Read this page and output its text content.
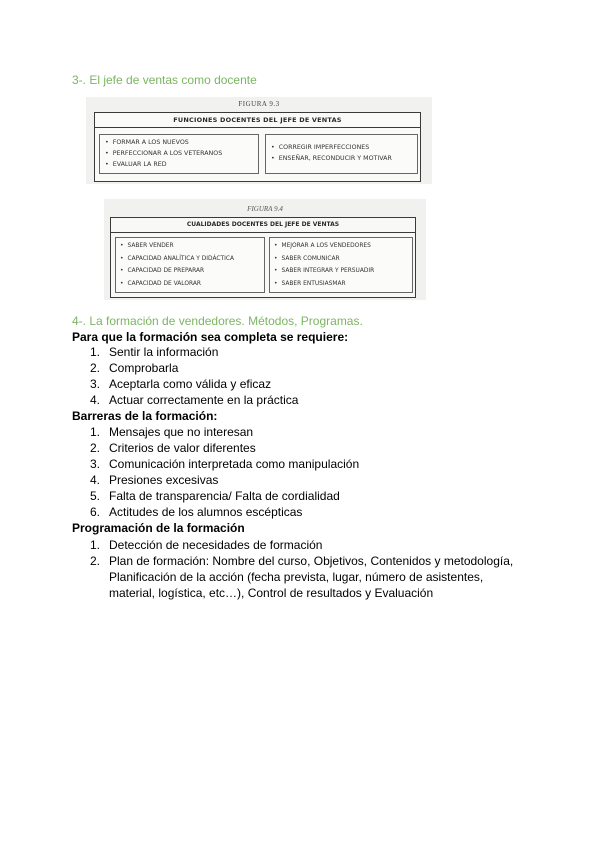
3-. El jefe de ventas como docente
FIGURA 9.3
FUNCIONES DOCENTES DEL JEFE DE VENTAS
• FORMAR A LOS NUEVOS
• PERFECCIONAR A LOS VETERANOS
• EVALUAR LA RED
• CORREGIR IMPERFECCIONES
• ENSEÑAR, RECONDUCIR Y MOTIVAR
FIGURA 9.4
CUALIDADES DOCENTES DEL JEFE DE VENTAS
• SABER VENDER
• CAPACIDAD ANALÍTICA Y DIDÁCTICA
• CAPACIDAD DE PREPARAR
• CAPACIDAD DE VALORAR
• MEJORAR A LOS VENDEDORES
• SABER COMUNICAR
• SABER INTEGRAR Y PERSUADIR
• SABER ENTUSIASMAR
4-. La formación de vendedores. Métodos, Programas.
Para que la formación sea completa se requiere:
1. Sentir la información
2. Comprobarla
3. Aceptarla como válida y eficaz
4. Actuar correctamente en la práctica
Barreras de la formación:
1. Mensajes que no interesan
2. Criterios de valor diferentes
3. Comunicación interpretada como manipulación
4. Presiones excesivas
5. Falta de transparencia/ Falta de cordialidad
6. Actitudes de los alumnos escépticas
Programación de la formación
1. Detección de necesidades de formación
2. Plan de formación: Nombre del curso, Objetivos, Contenidos y metodología, Planificación de la acción (fecha prevista, lugar, número de asistentes, material, logística, etc…), Control de resultados y Evaluación
